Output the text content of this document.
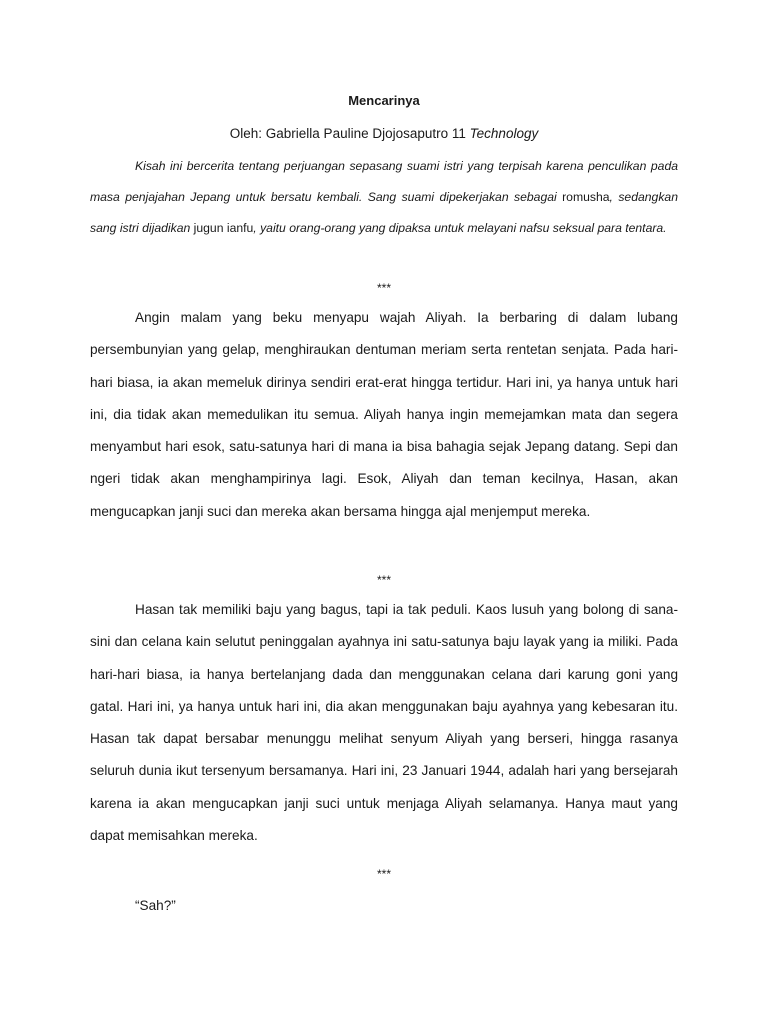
Mencarinya
Oleh: Gabriella Pauline Djojosaputro 11 Technology

Kisah ini bercerita tentang perjuangan sepasang suami istri yang terpisah karena penculikan pada masa penjajahan Jepang untuk bersatu kembali. Sang suami dipekerjakan sebagai romusha, sedangkan sang istri dijadikan jugun ianfu, yaitu orang-orang yang dipaksa untuk melayani nafsu seksual para tentara.

***

Angin malam yang beku menyapu wajah Aliyah. Ia berbaring di dalam lubang persembunyian yang gelap, menghiraukan dentuman meriam serta rentetan senjata. Pada hari-hari biasa, ia akan memeluk dirinya sendiri erat-erat hingga tertidur. Hari ini, ya hanya untuk hari ini, dia tidak akan memedulikan itu semua. Aliyah hanya ingin memejamkan mata dan segera menyambut hari esok, satu-satunya hari di mana ia bisa bahagia sejak Jepang datang. Sepi dan ngeri tidak akan menghampirinya lagi. Esok, Aliyah dan teman kecilnya, Hasan, akan mengucapkan janji suci dan mereka akan bersama hingga ajal menjemput mereka.

***

Hasan tak memiliki baju yang bagus, tapi ia tak peduli. Kaos lusuh yang bolong di sana-sini dan celana kain selutut peninggalan ayahnya ini satu-satunya baju layak yang ia miliki. Pada hari-hari biasa, ia hanya bertelanjang dada dan menggunakan celana dari karung goni yang gatal. Hari ini, ya hanya untuk hari ini, dia akan menggunakan baju ayahnya yang kebesaran itu. Hasan tak dapat bersabar menunggu melihat senyum Aliyah yang berseri, hingga rasanya seluruh dunia ikut tersenyum bersamanya. Hari ini, 23 Januari 1944, adalah hari yang bersejarah karena ia akan mengucapkan janji suci untuk menjaga Aliyah selamanya. Hanya maut yang dapat memisahkan mereka.

***
“Sah?”
